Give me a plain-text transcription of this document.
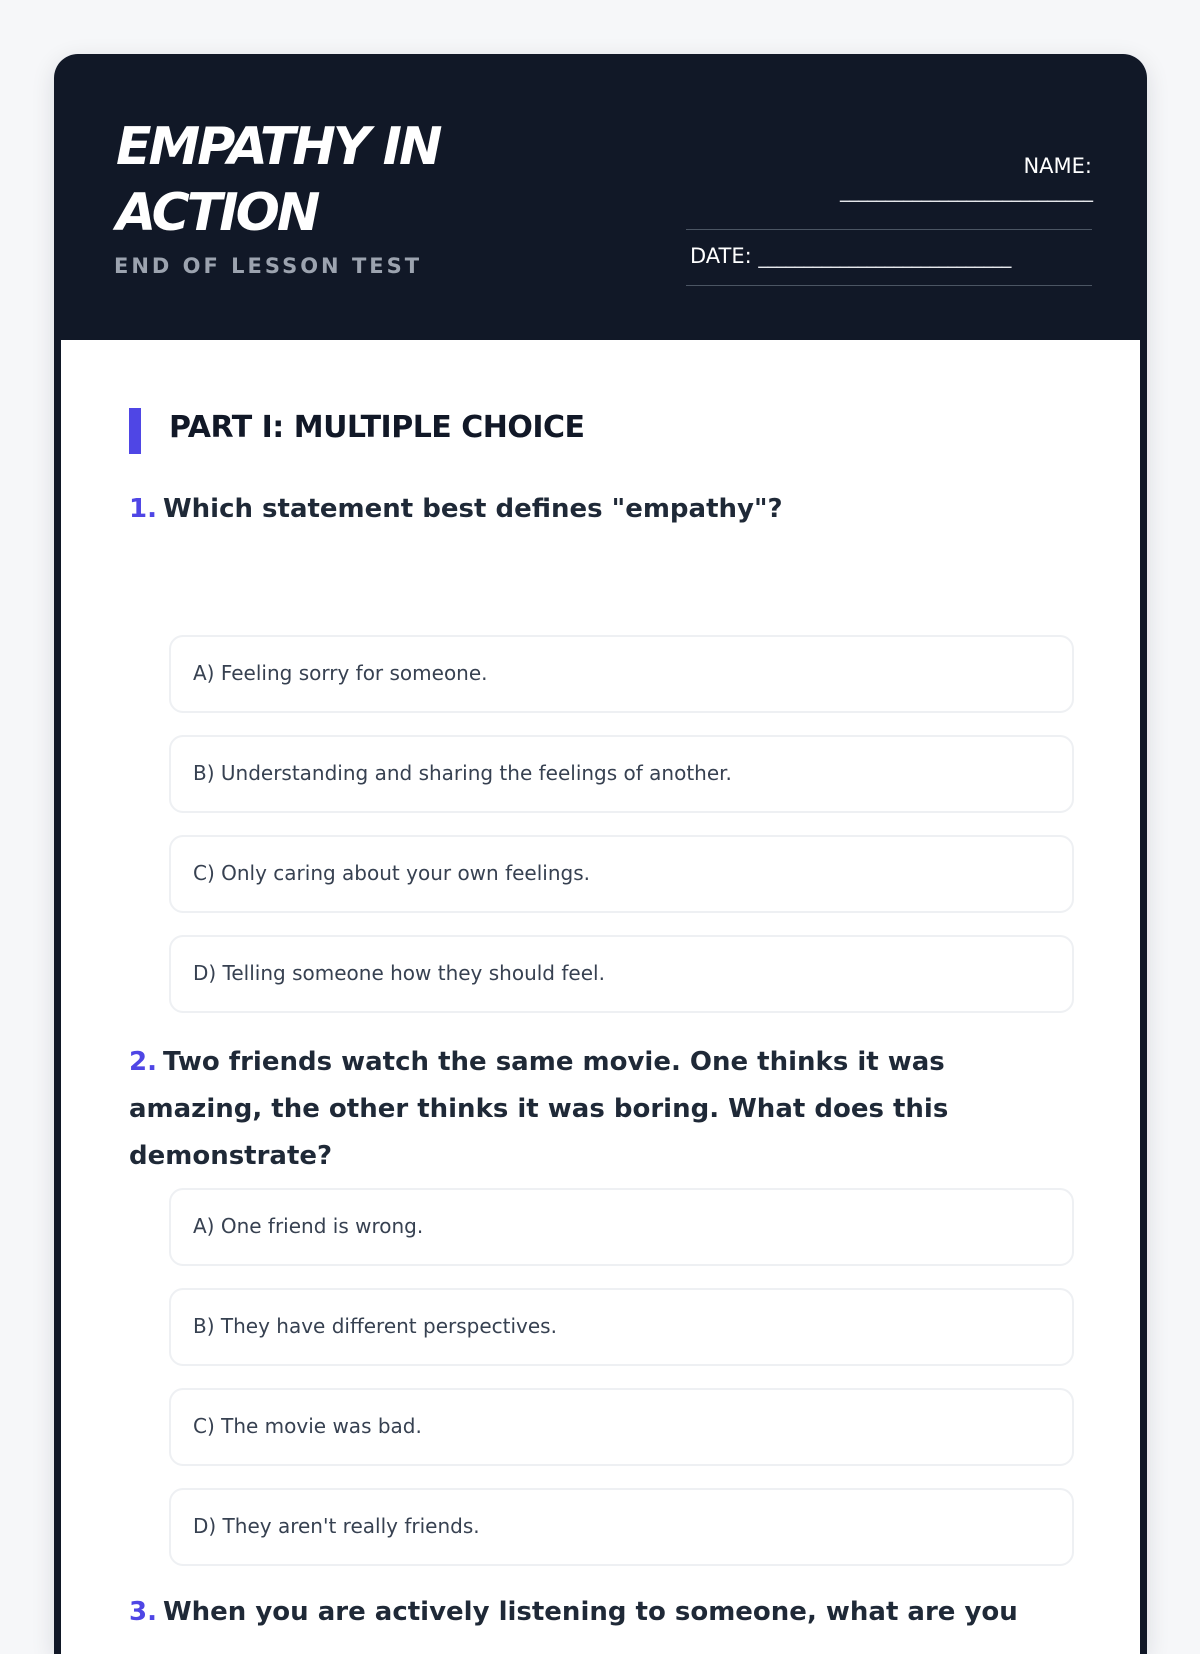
EMPATHY IN
ACTION
END OF LESSON TEST
NAME:
____________________________
DATE: ____________________________
PART I: MULTIPLE CHOICE
1. Which statement best defines "empathy"?
A) Feeling sorry for someone.
B) Understanding and sharing the feelings of another.
C) Only caring about your own feelings.
D) Telling someone how they should feel.
2. Two friends watch the same movie. One thinks it was amazing, the other thinks it was boring. What does this demonstrate?
A) One friend is wrong.
B) They have different perspectives.
C) The movie was bad.
D) They aren't really friends.
3. When you are actively listening to someone, what are you
